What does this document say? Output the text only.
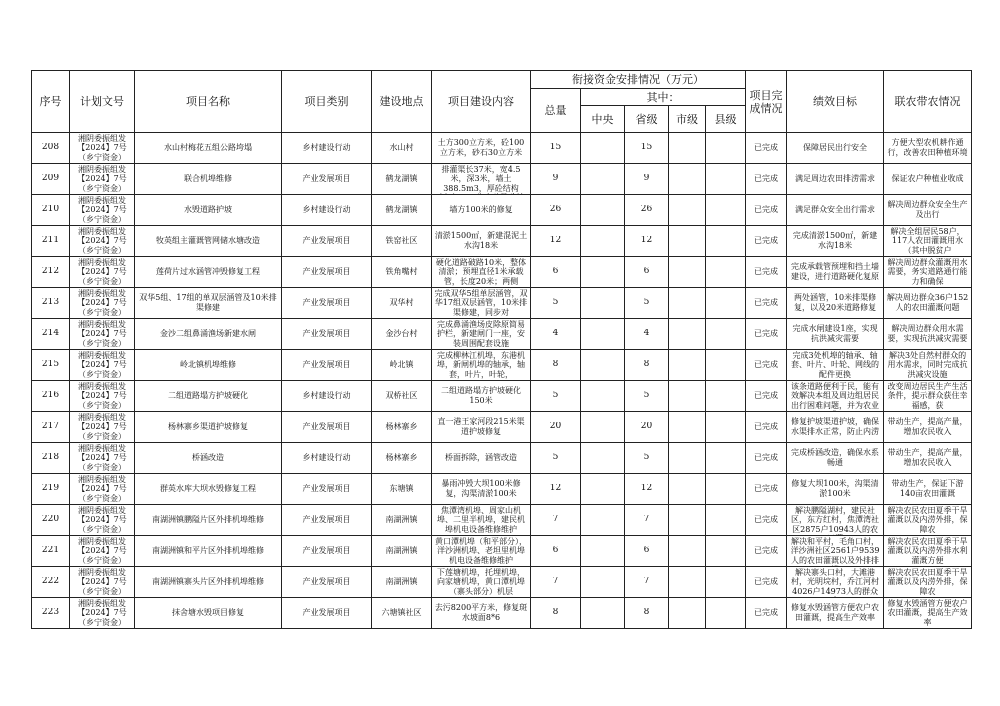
序号	计划文号	项目名称	项目类别	建设地点	项目建设内容	衔接资金安排情况（万元）					项目完成情况	绩效目标	联农带农情况
						总量	其中：						
							中央	省级	市级	县级			

208	湘阴委振组发【2024】7号（乡宁资金）	水山村梅花五组公路垮塌	乡村建设行动	水山村	土方300立方米，砼100立方米，砂石30立方米	15		15			已完成	保障居民出行安全	方便大型农机耕作通行，改善农田种植环境

209	湘阴委振组发【2024】7号（乡宁资金）	联合机埠维修	产业发展项目	鹤龙湖镇	排灌渠长37米，宽4.5米，深3米，墙土388.5m3，厚砼结构	9		9			已完成	满足周边农田排涝需求	保证农户种植业收成

210	湘阴委振组发【2024】7号（乡宁资金）	水毁道路护坡	乡村建设行动	鹤龙湖镇	墙方100米的修复	26		26			已完成	满足群众安全出行需求	解决周边群众安全生产及出行

211	湘阴委振组发【2024】7号（乡宁资金）	牧英组主灌溉管网储水塘改造	产业发展项目	铁窑社区	清淤1500㎡，新建混泥土水沟18米	12		12			已完成	完成清淤1500㎡，新建水沟18米	解决全组居民58户，117人农田灌溉用水（其中脱贫户

212	湘阴委振组发【2024】7号（乡宁资金）	莲荷片过水涵管冲毁修复工程	产业发展项目	铁角嘴村	硬化道路破路10米，整体清淤；预埋直径1米承载管，长度20米；两侧	6		6			已完成	完成承载管预埋和挡土墙建设，进行道路硬化复原	解决周边群众灌溉用水需要，务实道路通行能力和确保

213	湘阴委振组发【2024】7号（乡宁资金）	双华5组、17组的单双层涵管及10米排渠修建	产业发展项目	双华村	完成双华5组单层涵管，双华17组双层涵管，10米排渠修建，同步对	5		5			已完成	两处涵管，10米排渠修复，以及20米道路修复	解决周边群众36户152人的农田灌溉问题

214	湘阴委振组发【2024】7号（乡宁资金）	金沙二组鼻涌渔场新建水闸	产业发展项目	金沙台村	完成鼻涌渔场皮除原简易护栏，新建闸门一座，安装周围配套设施	4		4			已完成	完成水闸建设1座，实现抗洪减灾需要	解决周边群众用水需要，实现抗洪减灾需要

215	湘阴委振组发【2024】7号（乡宁资金）	岭北镇机埠维修	产业发展项目	岭北镇	完成柳林江机埠，东港机埠，新闸机埠的轴承，轴套，叶片，叶轮，	8		8			已完成	完成3处机埠的轴承、轴套、叶片、叶轮、网线的配件更换	解决3处自然村群众的用水需求，同时完成抗洪减灾设施

216	湘阴委振组发【2024】7号（乡宁资金）	二组道路塌方护坡硬化	乡村建设行动	双桥社区	二组道路塌方护坡硬化150米	5		5			已完成	该条道路便利于民，能有效解决本组及周边组居民出行困难问题，并为农业	改变周边居民生产生活条件，提示群众获住幸福感，获

217	湘阴委振组发【2024】7号（乡宁资金）	杨林寨乡渠道护坡修复	产业发展项目	杨林寨乡	直一港王家河段215米渠道护坡修复	20		20			已完成	修复护坡渠道护坡，确保水渠排水正常，防止内涝	带动生产，提高产量，增加农民收入

218	湘阴委振组发【2024】7号（乡宁资金）	桥涵改造	乡村建设行动	杨林寨乡	桥面拆除，涵管改造	5		5			已完成	完成桥涵改造，确保水系畅通	带动生产，提高产量，增加农民收入

219	湘阴委振组发【2024】7号（乡宁资金）	群英水库大坝水毁修复工程	产业发展项目	东塘镇	暴雨冲毁大坝100米修复，沟渠清淤100米	12		12			已完成	修复大坝100米，沟渠清淤100米	带动生产，保证下游140亩农田灌溉

220	湘阴委振组发【2024】7号（乡宁资金）	南湖洲镇鹏隘片区外排机埠维修	产业发展项目	南湖洲镇	焦潭湾机埠、周家山机埠、二里半机埠，建民机埠机电设备维修维护	7		7			已完成	解决鹏隘湖村，建民社区，东方红村，焦潭湾社区2875户10943人的农	解决农民农田夏季干旱灌溉以及内涝外排，保障农

221	湘阴委振组发【2024】7号（乡宁资金）	南湖洲镇和平片区外排机埠维修	产业发展项目	南湖洲镇	黄口潭机埠（和平部分），洋沙洲机埠、老坦里机埠机电设备维修维护	6		6			已完成	解决和平村，毛角口村，洋沙洲社区2561户9539人的农田灌溉以及外排排	解决农民农田夏季干旱灌溉以及内涝外排水利灌溉方便

222	湘阴委振组发【2024】7号（乡宁资金）	南湖洲镇寨头片区外排机埠维修	产业发展项目	南湖洲镇	下莲塘机埠，托埋机埠，向家塘机埠，黄口潭机埠（寨头部分）机层	7		7			已完成	解决寨头口村，大滩港村，光明垸村，乔江河村4026户14973人的群众	解决农民农田夏季干旱灌溉以及内涝外排，保障农

223	湘阴委振组发【2024】7号（乡宁资金）	抹舍塘水毁项目修复	产业发展项目	六塘镇社区	去污8200平方米，修复斑水坡面8*6	8		8			已完成	修复水毁涵管方便农户农田灌溉，提高生产效率	修复水毁涵管方便农户农田灌溉，提高生产效率
